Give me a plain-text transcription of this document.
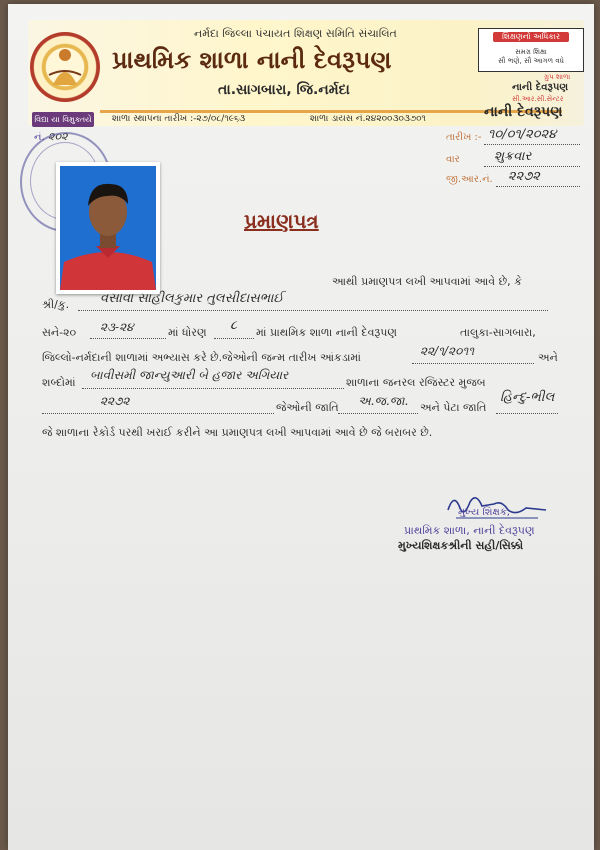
વિદ્યા યા વિમુક્તયે
નર્મદા જિલ્લા પંચાયત શિક્ષણ સમિતિ સંચાલિત
પ્રાથમિક શાળા નાની દેવરૂપણ
તા.સાગબારા, જિ.નર્મદા
શાળા સ્થાપના તારીખ :-૨૭/૦૮/૧૯૬૩	શાળા ડાયસ નં.૨૪૨૦૦૩૦૩૭૦૧
શિક્ષણનો અધિકાર
સમગ્ર શિક્ષા
સૌ ભણે, સૌ આગળ વધે
ગ્રુપ શાળા
નાની દેવરૂપણ
સી.આર.સી.સેન્ટર
નાની દેવરૂપણ
નં. ૨૦૨	તારીખ :- ૧૦/૦૧/૨૦૨૪
વાર	શુક્રવાર
જી.આર.નં. ૨૨૭૨
પ્રમાણપત્ર
આથી પ્રમાણપત્ર લખી આપવામાં આવે છે, કે
શ્રી/કુ. વસાવા સાહીલકુમાર તુલસીદાસભાઈ
સને-૨૦ ૨૩-૨૪	માં ધોરણ ૮ માં પ્રાથમિક શાળા નાની દેવરૂપણ	તાલુકા-સાગબારા,
જિલ્લો-નર્મદાની શાળામાં અભ્યાસ કરે છે.જેઓની જન્મ તારીખ આંકડામાં	૨૨/૧/૨૦૧૧	અને
શબ્દોમાં
બાવીસમી જાન્યુઆરી બે હજાર અગિયાર
શાળાના જનરલ રજિસ્ટર મુજબ
૨૨૭૨	જેઓની જાતિ અ.જ.જા. અને પેટા જાતિ
હિન્દુ-ભીલ
જે શાળાના રેકોર્ડ પરથી ખરાઈ કરીને આ પ્રમાણપત્ર લખી આપવામાં આવે છે જે બરાબર છે.
મુખ્ય શિક્ષક,
પ્રાથમિક શાળા, નાની દેવરૂપણ
મુખ્યશિક્ષકશ્રીની સહી/સિક્કો
